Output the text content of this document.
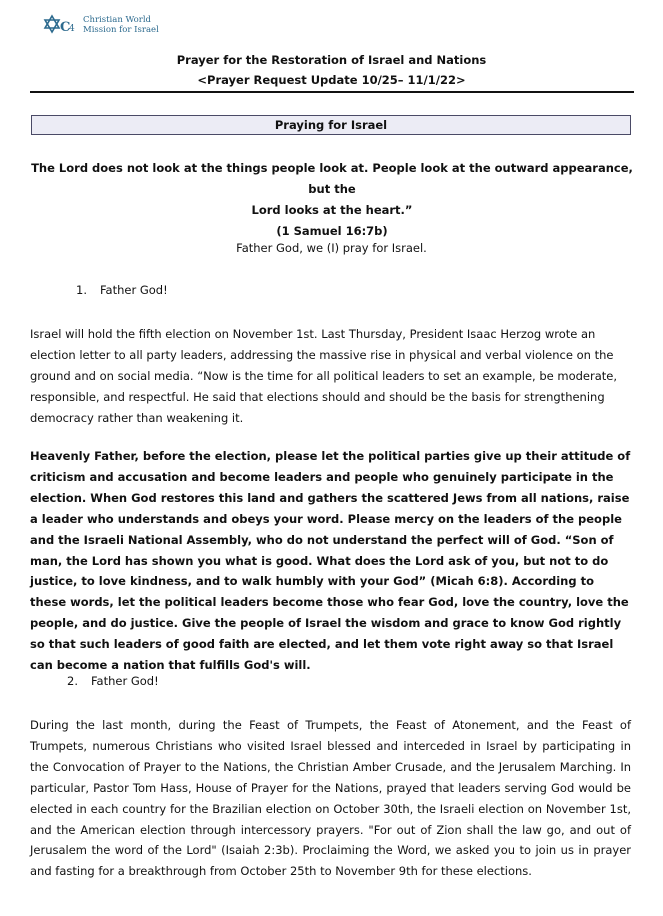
C
4
Christian World
Mission for Israel
Prayer for the Restoration of Israel and Nations
<Prayer Request Update 10/25– 11/1/22>
Praying for Israel
The Lord does not look at the things people look at. People look at the outward appearance, but the
Lord looks at the heart.”
(1 Samuel 16:7b)
Father God, we (I) pray for Israel.
1. Father God!

Israel will hold the fifth election on November 1st. Last Thursday, President Isaac Herzog wrote an election letter to all party leaders, addressing the massive rise in physical and verbal violence on the ground and on social media. “Now is the time for all political leaders to set an example, be moderate, responsible, and respectful. He said that elections should and should be the basis for strengthening democracy rather than weakening it.

Heavenly Father, before the election, please let the political parties give up their attitude of criticism and accusation and become leaders and people who genuinely participate in the election. When God restores this land and gathers the scattered Jews from all nations, raise a leader who understands and obeys your word. Please mercy on the leaders of the people and the Israeli National Assembly, who do not understand the perfect will of God. “Son of man, the Lord has shown you what is good. What does the Lord ask of you, but not to do justice, to love kindness, and to walk humbly with your God” (Micah 6:8). According to these words, let the political leaders become those who fear God, love the country, love the people, and do justice. Give the people of Israel the wisdom and grace to know God rightly so that such leaders of good faith are elected, and let them vote right away so that Israel can become a nation that fulfills God's will.

2. Father God!

During the last month, during the Feast of Trumpets, the Feast of Atonement, and the Feast of Trumpets, numerous Christians who visited Israel blessed and interceded in Israel by participating in the Convocation of Prayer to the Nations, the Christian Amber Crusade, and the Jerusalem Marching. In particular, Pastor Tom Hass, House of Prayer for the Nations, prayed that leaders serving God would be elected in each country for the Brazilian election on October 30th, the Israeli election on November 1st, and the American election through intercessory prayers. "For out of Zion shall the law go, and out of Jerusalem the word of the Lord" (Isaiah 2:3b). Proclaiming the Word, we asked you to join us in prayer and fasting for a breakthrough from October 25th to November 9th for these elections.
